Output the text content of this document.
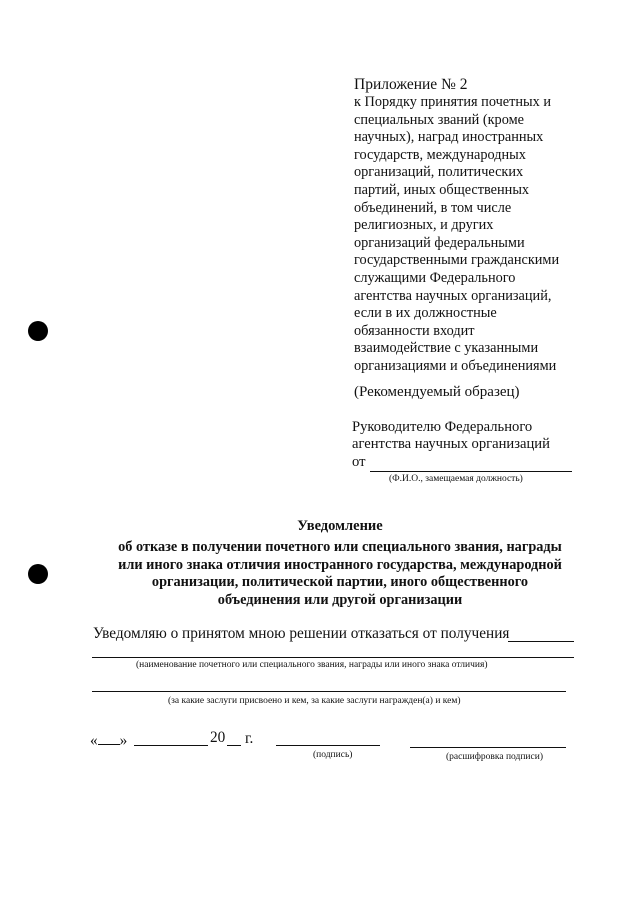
Приложение № 2
к Порядку принятия почетных и
специальных званий (кроме
научных), наград иностранных
государств, международных
организаций, политических
партий, иных общественных
объединений, в том числе
религиозных, и других
организаций федеральными
государственными гражданскими
служащими Федерального
агентства научных организаций,
если в их должностные
обязанности входит
взаимодействие с указанными
организациями и объединениями
(Рекомендуемый образец)
Руководителю Федерального
агентства научных организаций
от
(Ф.И.О., замещаемая должность)
Уведомление
об отказе в получении почетного или специального звания, награды
или иного знака отличия иностранного государства, международной
организации, политической партии, иного общественного
объединения или другой организации
Уведомляю о принятом мною решении отказаться от получения
(наименование почетного или специального звания, награды или иного знака отличия)
(за какие заслуги присвоено и кем, за какие заслуги награжден(а) и кем)
« »	20 г.
(подпись)	(расшифровка подписи)
